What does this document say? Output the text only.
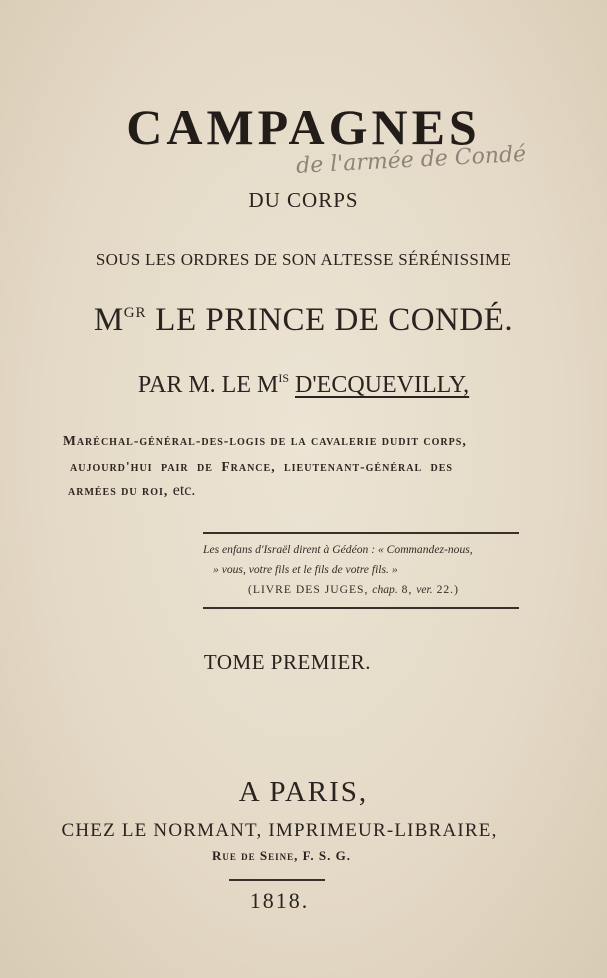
CAMPAGNES
de l'armée de Condé
DU CORPS
SOUS LES ORDRES DE SON ALTESSE SÉRÉNISSIME
$M^{GR}$ LE PRINCE DE CONDÉ.
PAR M. LE $M^{IS}$ D'ECQUEVILLY,
Maréchal-général-des-logis de la cavalerie dudit corps,
aujourd'hui pair de France, lieutenant-général des
armées du roi, etc.
Les enfans d'Israël dirent à Gédéon : « Commandez-nous,
» vous, votre fils et le fils de votre fils. »
(LIVRE DES JUGES, chap. 8, ver. 22.)
TOME PREMIER.
A PARIS,
CHEZ LE NORMANT, IMPRIMEUR-LIBRAIRE,
Rue de Seine, F. S. G.
1818.
